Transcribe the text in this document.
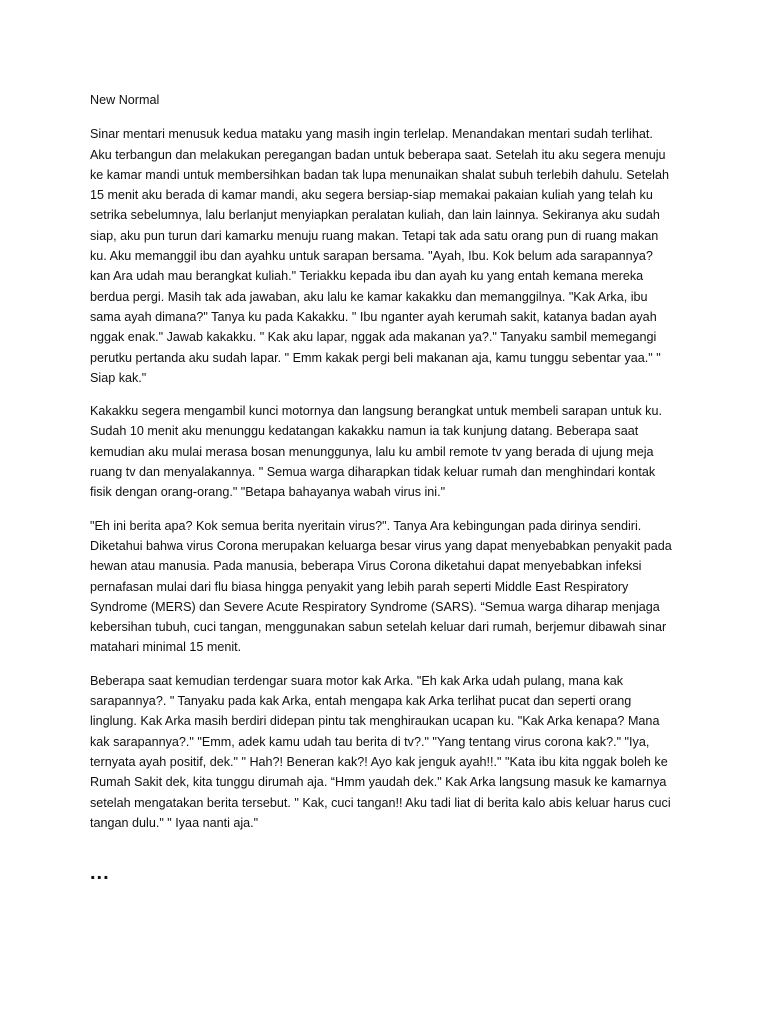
New Normal

Sinar mentari menusuk kedua mataku yang masih ingin terlelap. Menandakan mentari sudah terlihat. Aku terbangun dan melakukan peregangan badan untuk beberapa saat. Setelah itu aku segera menuju ke kamar mandi untuk membersihkan badan tak lupa menunaikan shalat subuh terlebih dahulu. Setelah 15 menit aku berada di kamar mandi, aku segera bersiap-siap memakai pakaian kuliah yang telah ku setrika sebelumnya, lalu berlanjut menyiapkan peralatan kuliah, dan lain lainnya. Sekiranya aku sudah siap, aku pun turun dari kamarku menuju ruang makan. Tetapi tak ada satu orang pun di ruang makan ku. Aku memanggil ibu dan ayahku untuk sarapan bersama. "Ayah, Ibu. Kok belum ada sarapannya? kan Ara udah mau berangkat kuliah." Teriakku kepada ibu dan ayah ku yang entah kemana mereka berdua pergi. Masih tak ada jawaban, aku lalu ke kamar kakakku dan memanggilnya. "Kak Arka, ibu sama ayah dimana?" Tanya ku pada Kakakku. " Ibu nganter ayah kerumah sakit, katanya badan ayah nggak enak." Jawab kakakku. " Kak aku lapar, nggak ada makanan ya?." Tanyaku sambil memegangi perutku pertanda aku sudah lapar. " Emm kakak pergi beli makanan aja, kamu tunggu sebentar yaa." " Siap kak."

Kakakku segera mengambil kunci motornya dan langsung berangkat untuk membeli sarapan untuk ku. Sudah 10 menit aku menunggu kedatangan kakakku namun ia tak kunjung datang. Beberapa saat kemudian aku mulai merasa bosan menunggunya, lalu ku ambil remote tv yang berada di ujung meja ruang tv dan menyalakannya. " Semua warga diharapkan tidak keluar rumah dan menghindari kontak fisik dengan orang-orang." "Betapa bahayanya wabah virus ini."

"Eh ini berita apa? Kok semua berita nyeritain virus?". Tanya Ara kebingungan pada dirinya sendiri. Diketahui bahwa virus Corona merupakan keluarga besar virus yang dapat menyebabkan penyakit pada hewan atau manusia. Pada manusia, beberapa Virus Corona diketahui dapat menyebabkan infeksi pernafasan mulai dari flu biasa hingga penyakit yang lebih parah seperti Middle East Respiratory Syndrome (MERS) dan Severe Acute Respiratory Syndrome (SARS). “Semua warga diharap menjaga kebersihan tubuh, cuci tangan, menggunakan sabun setelah keluar dari rumah, berjemur dibawah sinar matahari minimal 15 menit.

Beberapa saat kemudian terdengar suara motor kak Arka. "Eh kak Arka udah pulang, mana kak sarapannya?. " Tanyaku pada kak Arka, entah mengapa kak Arka terlihat pucat dan seperti orang linglung. Kak Arka masih berdiri didepan pintu tak menghiraukan ucapan ku. "Kak Arka kenapa? Mana kak sarapannya?." "Emm, adek kamu udah tau berita di tv?." "Yang tentang virus corona kak?." "Iya, ternyata ayah positif, dek." " Hah?! Beneran kak?! Ayo kak jenguk ayah!!." "Kata ibu kita nggak boleh ke Rumah Sakit dek, kita tunggu dirumah aja. “Hmm yaudah dek." Kak Arka langsung masuk ke kamarnya setelah mengatakan berita tersebut. " Kak, cuci tangan!! Aku tadi liat di berita kalo abis keluar harus cuci tangan dulu." " Iyaa nanti aja."

...
